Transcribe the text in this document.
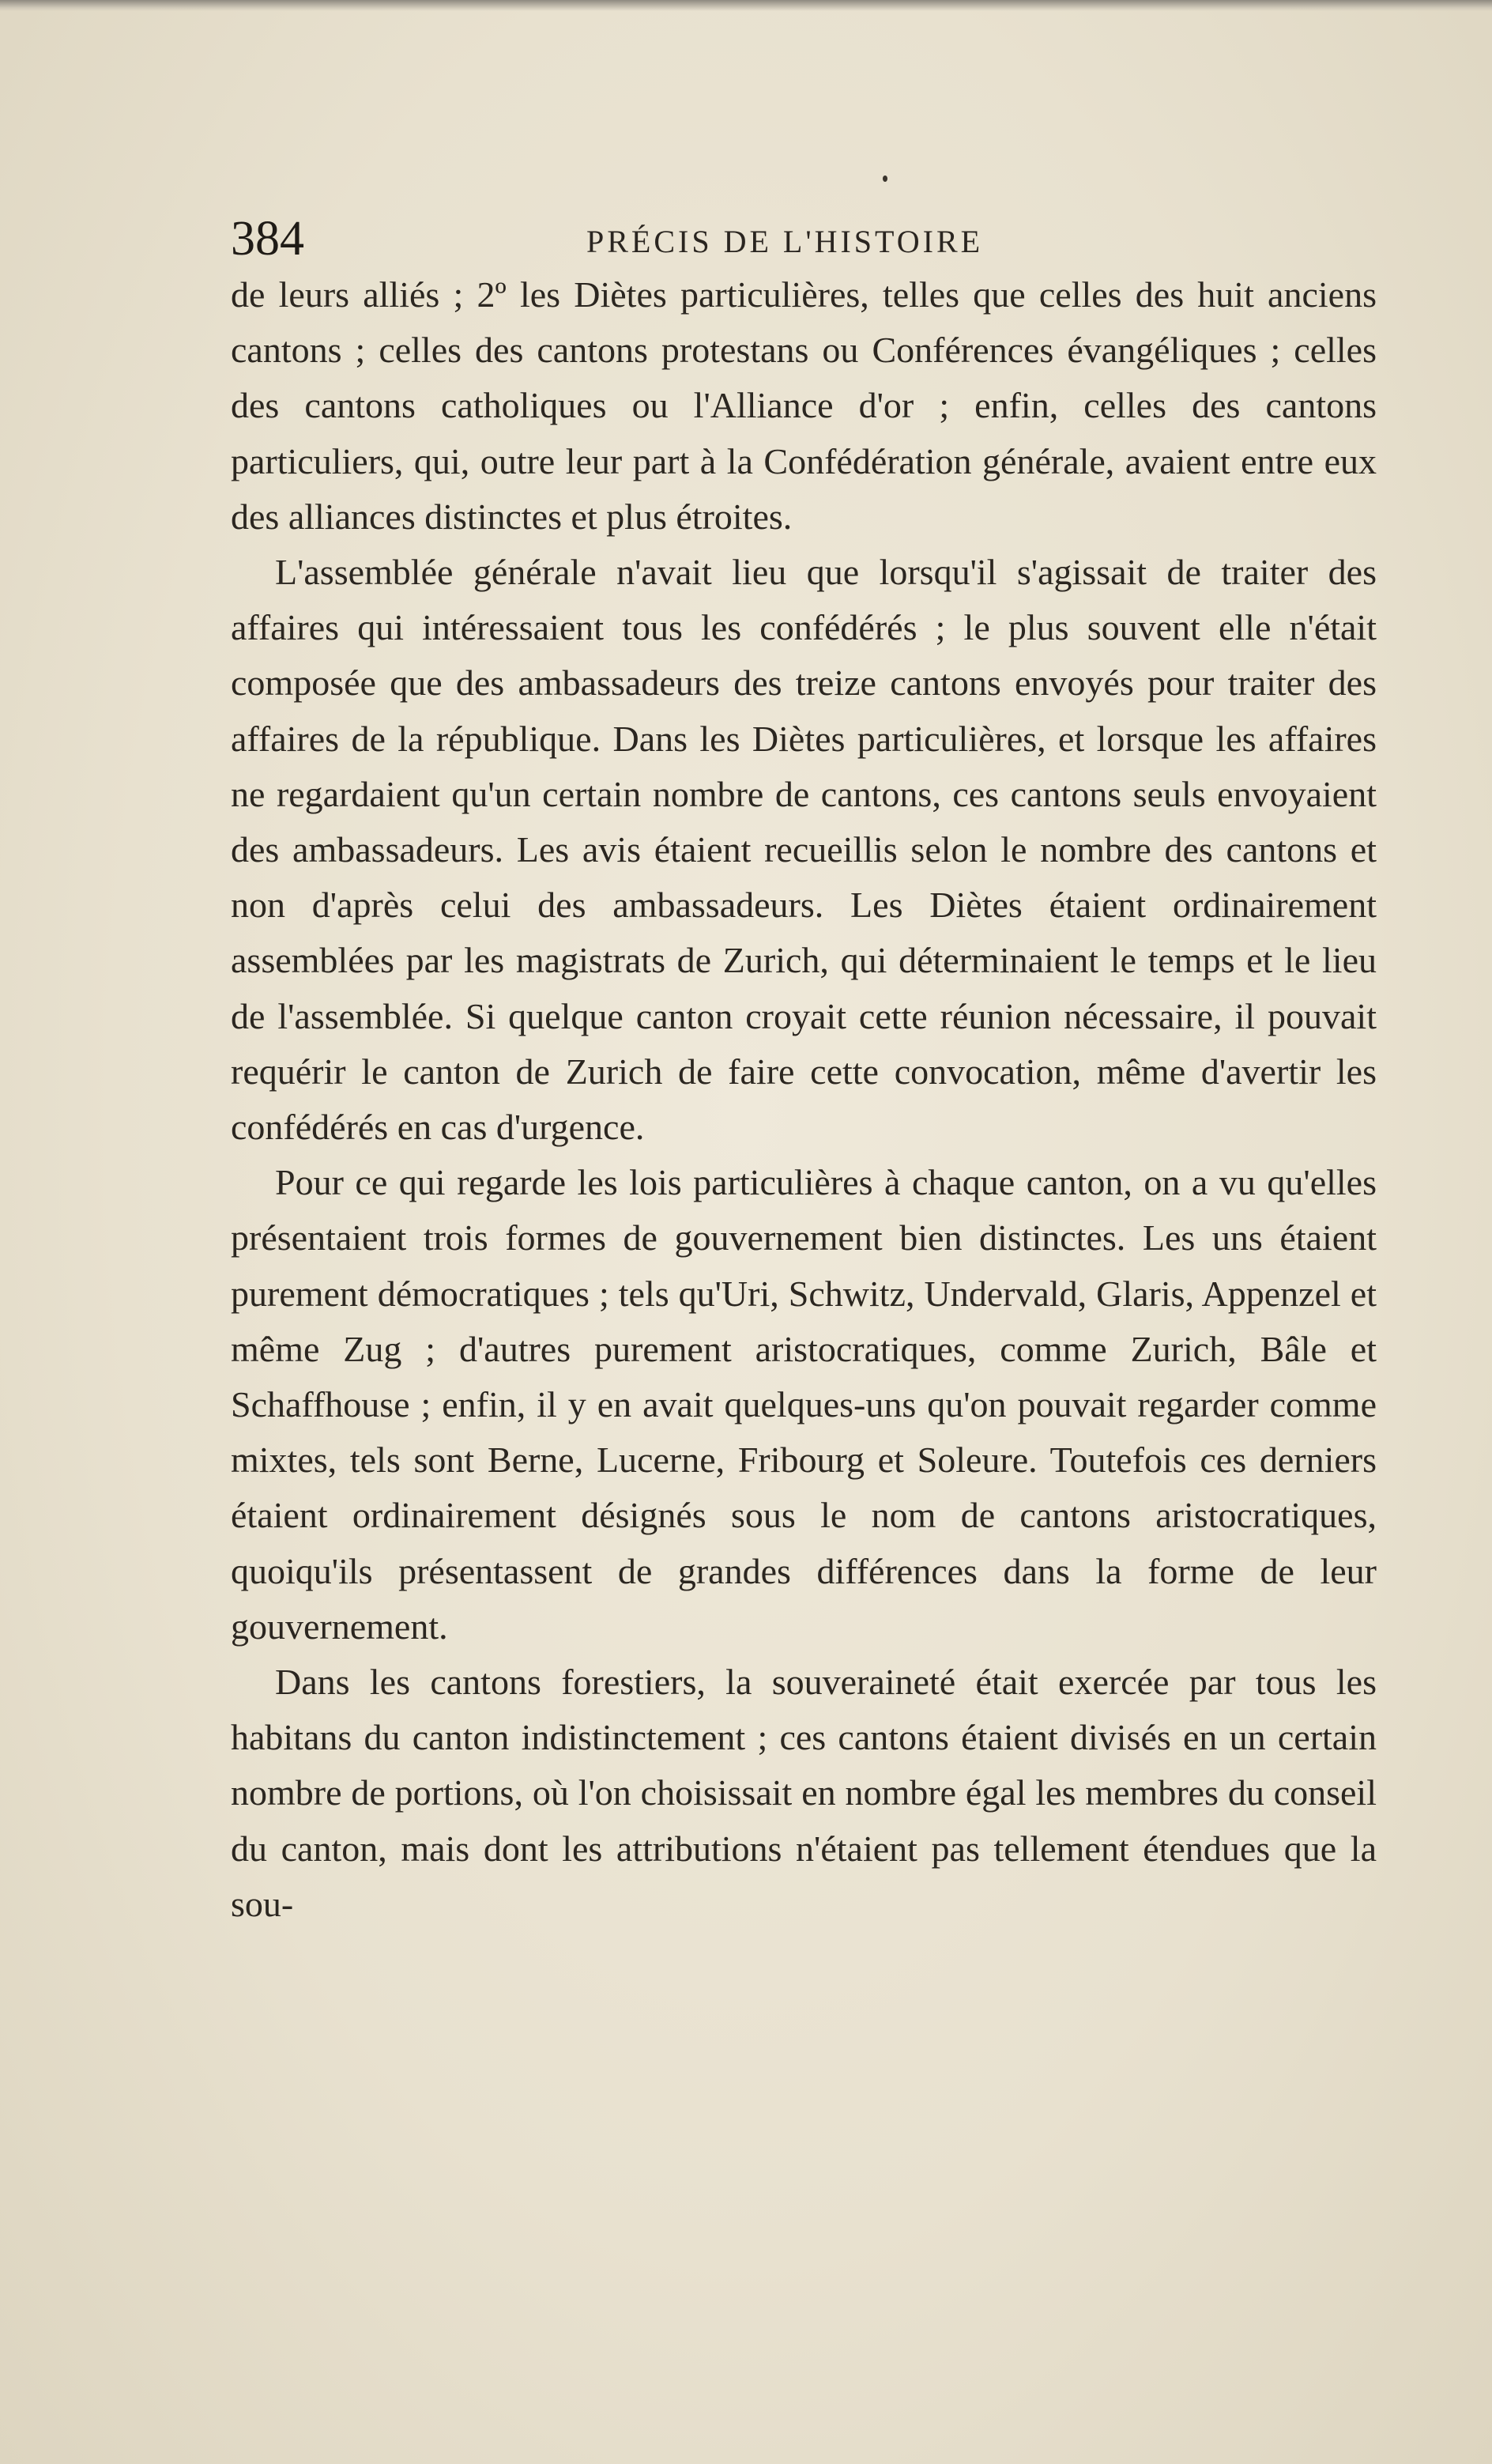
384	PRÉCIS DE L'HISTOIRE

de leurs alliés ; 2º les Diètes particulières, telles que celles des huit anciens cantons ; celles des cantons protestans ou Conférences évangéliques ; celles des cantons catholiques ou l'Alliance d'or ; enfin, celles des cantons particuliers, qui, outre leur part à la Confédération générale, avaient entre eux des alliances distinctes et plus étroites.

L'assemblée générale n'avait lieu que lorsqu'il s'agissait de traiter des affaires qui intéressaient tous les confédérés ; le plus souvent elle n'était composée que des ambassadeurs des treize cantons envoyés pour traiter des affaires de la république. Dans les Diètes particulières, et lorsque les affaires ne regardaient qu'un certain nombre de cantons, ces cantons seuls envoyaient des ambassadeurs. Les avis étaient recueillis selon le nombre des cantons et non d'après celui des ambassadeurs. Les Diètes étaient ordinairement assemblées par les magistrats de Zurich, qui déterminaient le temps et le lieu de l'assemblée. Si quelque canton croyait cette réunion nécessaire, il pouvait requérir le canton de Zurich de faire cette convocation, même d'avertir les confédérés en cas d'urgence.

Pour ce qui regarde les lois particulières à chaque canton, on a vu qu'elles présentaient trois formes de gouvernement bien distinctes. Les uns étaient purement démocratiques ; tels qu'Uri, Schwitz, Undervald, Glaris, Appenzel et même Zug ; d'autres purement aristocratiques, comme Zurich, Bâle et Schaffhouse ; enfin, il y en avait quelques-uns qu'on pouvait regarder comme mixtes, tels sont Berne, Lucerne, Fribourg et Soleure. Toutefois ces derniers étaient ordinairement désignés sous le nom de cantons aristocratiques, quoiqu'ils présentassent de grandes différences dans la forme de leur gouvernement.

Dans les cantons forestiers, la souveraineté était exercée par tous les habitans du canton indistinctement ; ces cantons étaient divisés en un certain nombre de portions, où l'on choisissait en nombre égal les membres du conseil du canton, mais dont les attributions n'étaient pas tellement étendues que la sou-
